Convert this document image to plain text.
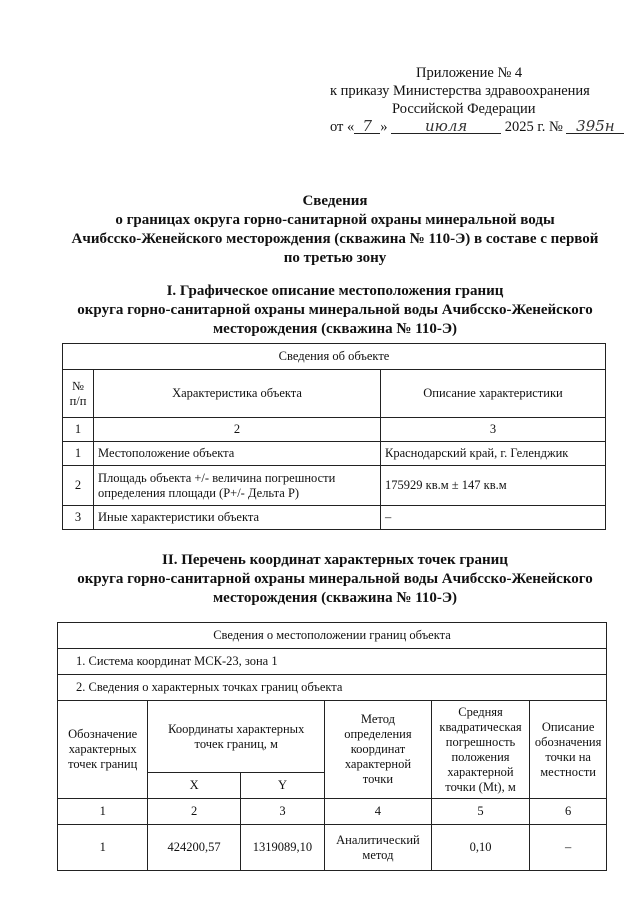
Приложение № 4
к приказу Министерства здравоохранения
Российской Федерации
от « 7 » июля	2025 г. № 395н
Сведения
о границах округа горно-санитарной охраны минеральной воды
Ачибсско-Женейского месторождения (скважина № 110-Э) в составе с первой
по третью зону
I. Графическое описание местоположения границ
округа горно-санитарной охраны минеральной воды Ачибсско-Женейского
месторождения (скважина № 110-Э)
Сведения об объекте		
№ п/п	Характеристика объекта	Описание характеристики
1	2	3
1	Местоположение объекта	Краснодарский край, г. Геленджик
2	Площадь объекта +/- величина погрешности определения площади (P+/- Дельта P)	175929 кв.м ± 147 кв.м
3	Иные характеристики объекта	–
II. Перечень координат характерных точек границ
округа горно-санитарной охраны минеральной воды Ачибсско-Женейского
месторождения (скважина № 110-Э)
Сведения о местоположении границ объекта					
1. Система координат МСК-23, зона 1					
2. Сведения о характерных точках границ объекта					
Обозначение характерных точек границ	Координаты характерных точек границ, м		Метод определения координат характерной точки	Средняя квадратическая погрешность положения характерной точки (Mt), м	Описание обозначения точки на местности
	X	Y			
1	2	3	4	5	6
1	424200,57	1319089,10	Аналитический метод	0,10	–
